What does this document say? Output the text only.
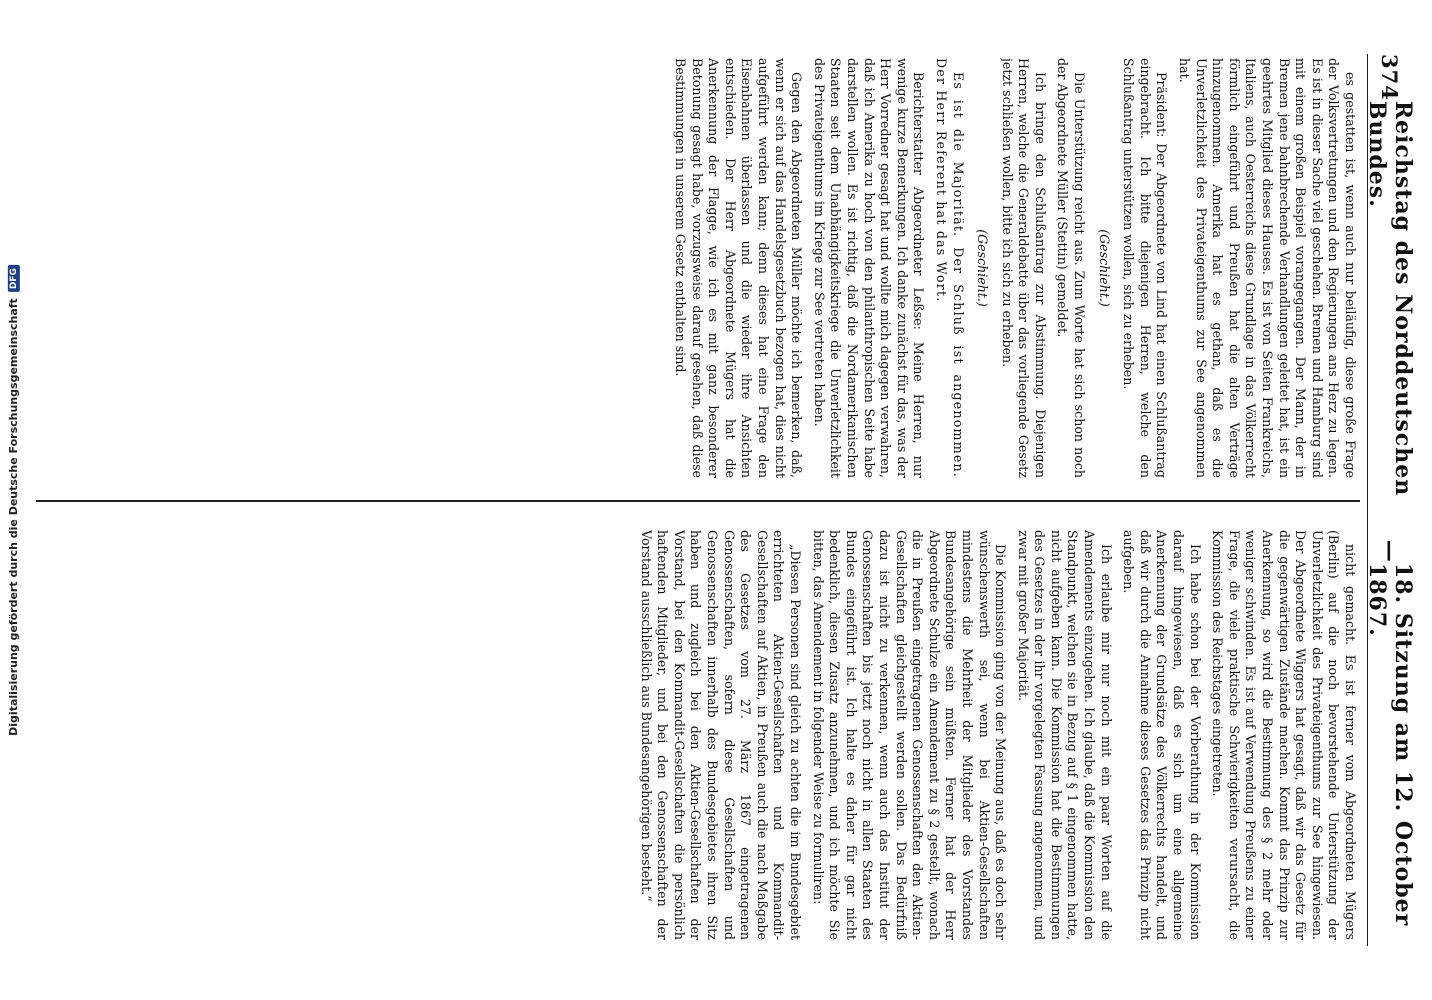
Digitalisierung gefördert durch die Deutsche Forschungsgemeinschaft
DFG
374
Reichstag des Norddeutschen Bundes.
—
18. Sitzung am 12. October 1867.

es gestatten ist, wenn auch nur beiläufig, diese große Frage der Volksvertretungen und den Regierungen ans Herz zu legen. Es ist in dieser Sache viel geschehen. Bremen und Hamburg sind mit einem großen Beispiel vorangegangen. Der Mann, der in Bremen jene bahnbrechende Verhandlungen geleitet hat, ist ein geehrtes Mitglied dieses Hauses. Es ist von Seiten Frankreichs, Italiens, auch Oesterreichs diese Grundlage in das Völkerrecht förmlich eingeführt und Preußen hat die alten Verträge hinzugenommen. Amerika hat es gethan, daß es die Unverletzlichkeit des Privateigenthums zur See angenommen hat.

Präsident: Der Abgeordnete von Lind hat einen Schlußantrag eingebracht. Ich bitte diejenigen Herren, welche den Schlußantrag unterstützen wollen, sich zu erheben.

(Geschieht.)

Die Unterstützung reicht aus. Zum Worte hat sich schon noch der Abgeordnete Müller (Stettin) gemeldet.

Ich bringe den Schlußantrag zur Abstimmung. Diejenigen Herren, welche die Generaldebatte über das vorliegende Gesetz jetzt schließen wollen, bitte ich sich zu erheben.

(Geschieht.)

Es ist die Majorität. Der Schluß ist angenommen. Der Herr Referent hat das Wort.

Berichterstatter Abgeordneter Leßse: Meine Herren, nur wenige kurze Bemerkungen. Ich danke zunächst für das, was der Herr Vorredner gesagt hat und wollte mich dagegen verwahren, daß ich Amerika zu hoch von den philanthropischen Seite habe darstellen wollen. Es ist richtig, daß die Nordamerikanischen Staaten seit dem Unabhängigkeitskriege die Unverletzlichkeit des Privateigenthums im Kriege zur See vertreten haben.

Gegen den Abgeordneten Müller möchte ich bemerken, daß, wenn er sich auf das Handelsgesetzbuch bezogen hat, dies nicht aufgeführt werden kann; denn dieses hat eine Frage den Eisenbahnen überlassen und die wieder ihre Ansichten entschieden. Der Herr Abgeordnete Mügers hat die Anerkennung der Flagge, wie ich es mit ganz besonderer Betonung gesagt habe, vorzugsweise darauf gesehen, daß diese Bestimmungen in unserem Gesetz enthalten sind.

nicht gemacht. Es ist ferner vom Abgeordneten Mügers (Berlin) auf die noch bevorstehende Unterstützung der Unverletzlichkeit des Privateigenthums zur See hingewiesen. Der Abgeordnete Wiggers hat gesagt, daß wir das Gesetz für die gegenwärtigen Zustände machen. Kommt das Prinzip zur Anerkennung, so wird die Bestimmung des § 2 mehr oder weniger schwinden. Es ist auf Verwendung Preußens zu einer Frage, die viele praktische Schwierigkeiten verursacht, die Kommission des Reichstages eingetreten.

Ich habe schon bei der Vorberathung in der Kommission darauf hingewiesen, daß es sich um eine allgemeine Anerkennung der Grundsätze des Völkerrechts handelt, und daß wir durch die Annahme dieses Gesetzes das Prinzip nicht aufgeben.

Ich erlaube mir nur noch mit ein paar Worten auf die Amendements einzugehen. Ich glaube, daß die Kommission den Standpunkt, welchen sie in Bezug auf § 1 eingenommen hatte, nicht aufgeben kann. Die Kommission hat die Bestimmungen des Gesetzes in der ihr vorgelegten Fassung angenommen, und zwar mit großer Majorität.

Die Kommission ging von der Meinung aus, daß es doch sehr wünschenswerth sei, wenn bei Aktien-Gesellschaften mindestens die Mehrheit der Mitglieder des Vorstandes Bundesangehörige sein müßten. Ferner hat der Herr Abgeordnete Schulze ein Amendement zu § 2 gestellt, wonach die in Preußen eingetragenen Genossenschaften den Aktien-Gesellschaften gleichgestellt werden sollen. Das Bedürfniß dazu ist nicht zu verkennen, wenn auch das Institut der Genossenschaften bis jetzt noch nicht in allen Staaten des Bundes eingeführt ist. Ich halte es daher für gar nicht bedenklich, diesen Zusatz anzunehmen, und ich möchte Sie bitten, das Amendement in folgender Weise zu formuliren:

„Diesen Personen sind gleich zu achten die im Bundesgebiet errichteten Aktien-Gesellschaften und Kommandit-Gesellschaften auf Aktien, in Preußen auch die nach Maßgabe des Gesetzes vom 27. März 1867 eingetragenen Genossenschaften, sofern diese Gesellschaften und Genossenschaften innerhalb des Bundesgebietes ihren Sitz haben und zugleich bei den Aktien-Gesellschaften der Vorstand, bei den Kommandit-Gesellschaften die persönlich haftenden Mitglieder, und bei den Genossenschaften der Vorstand ausschließlich aus Bundesangehörigen besteht.“
